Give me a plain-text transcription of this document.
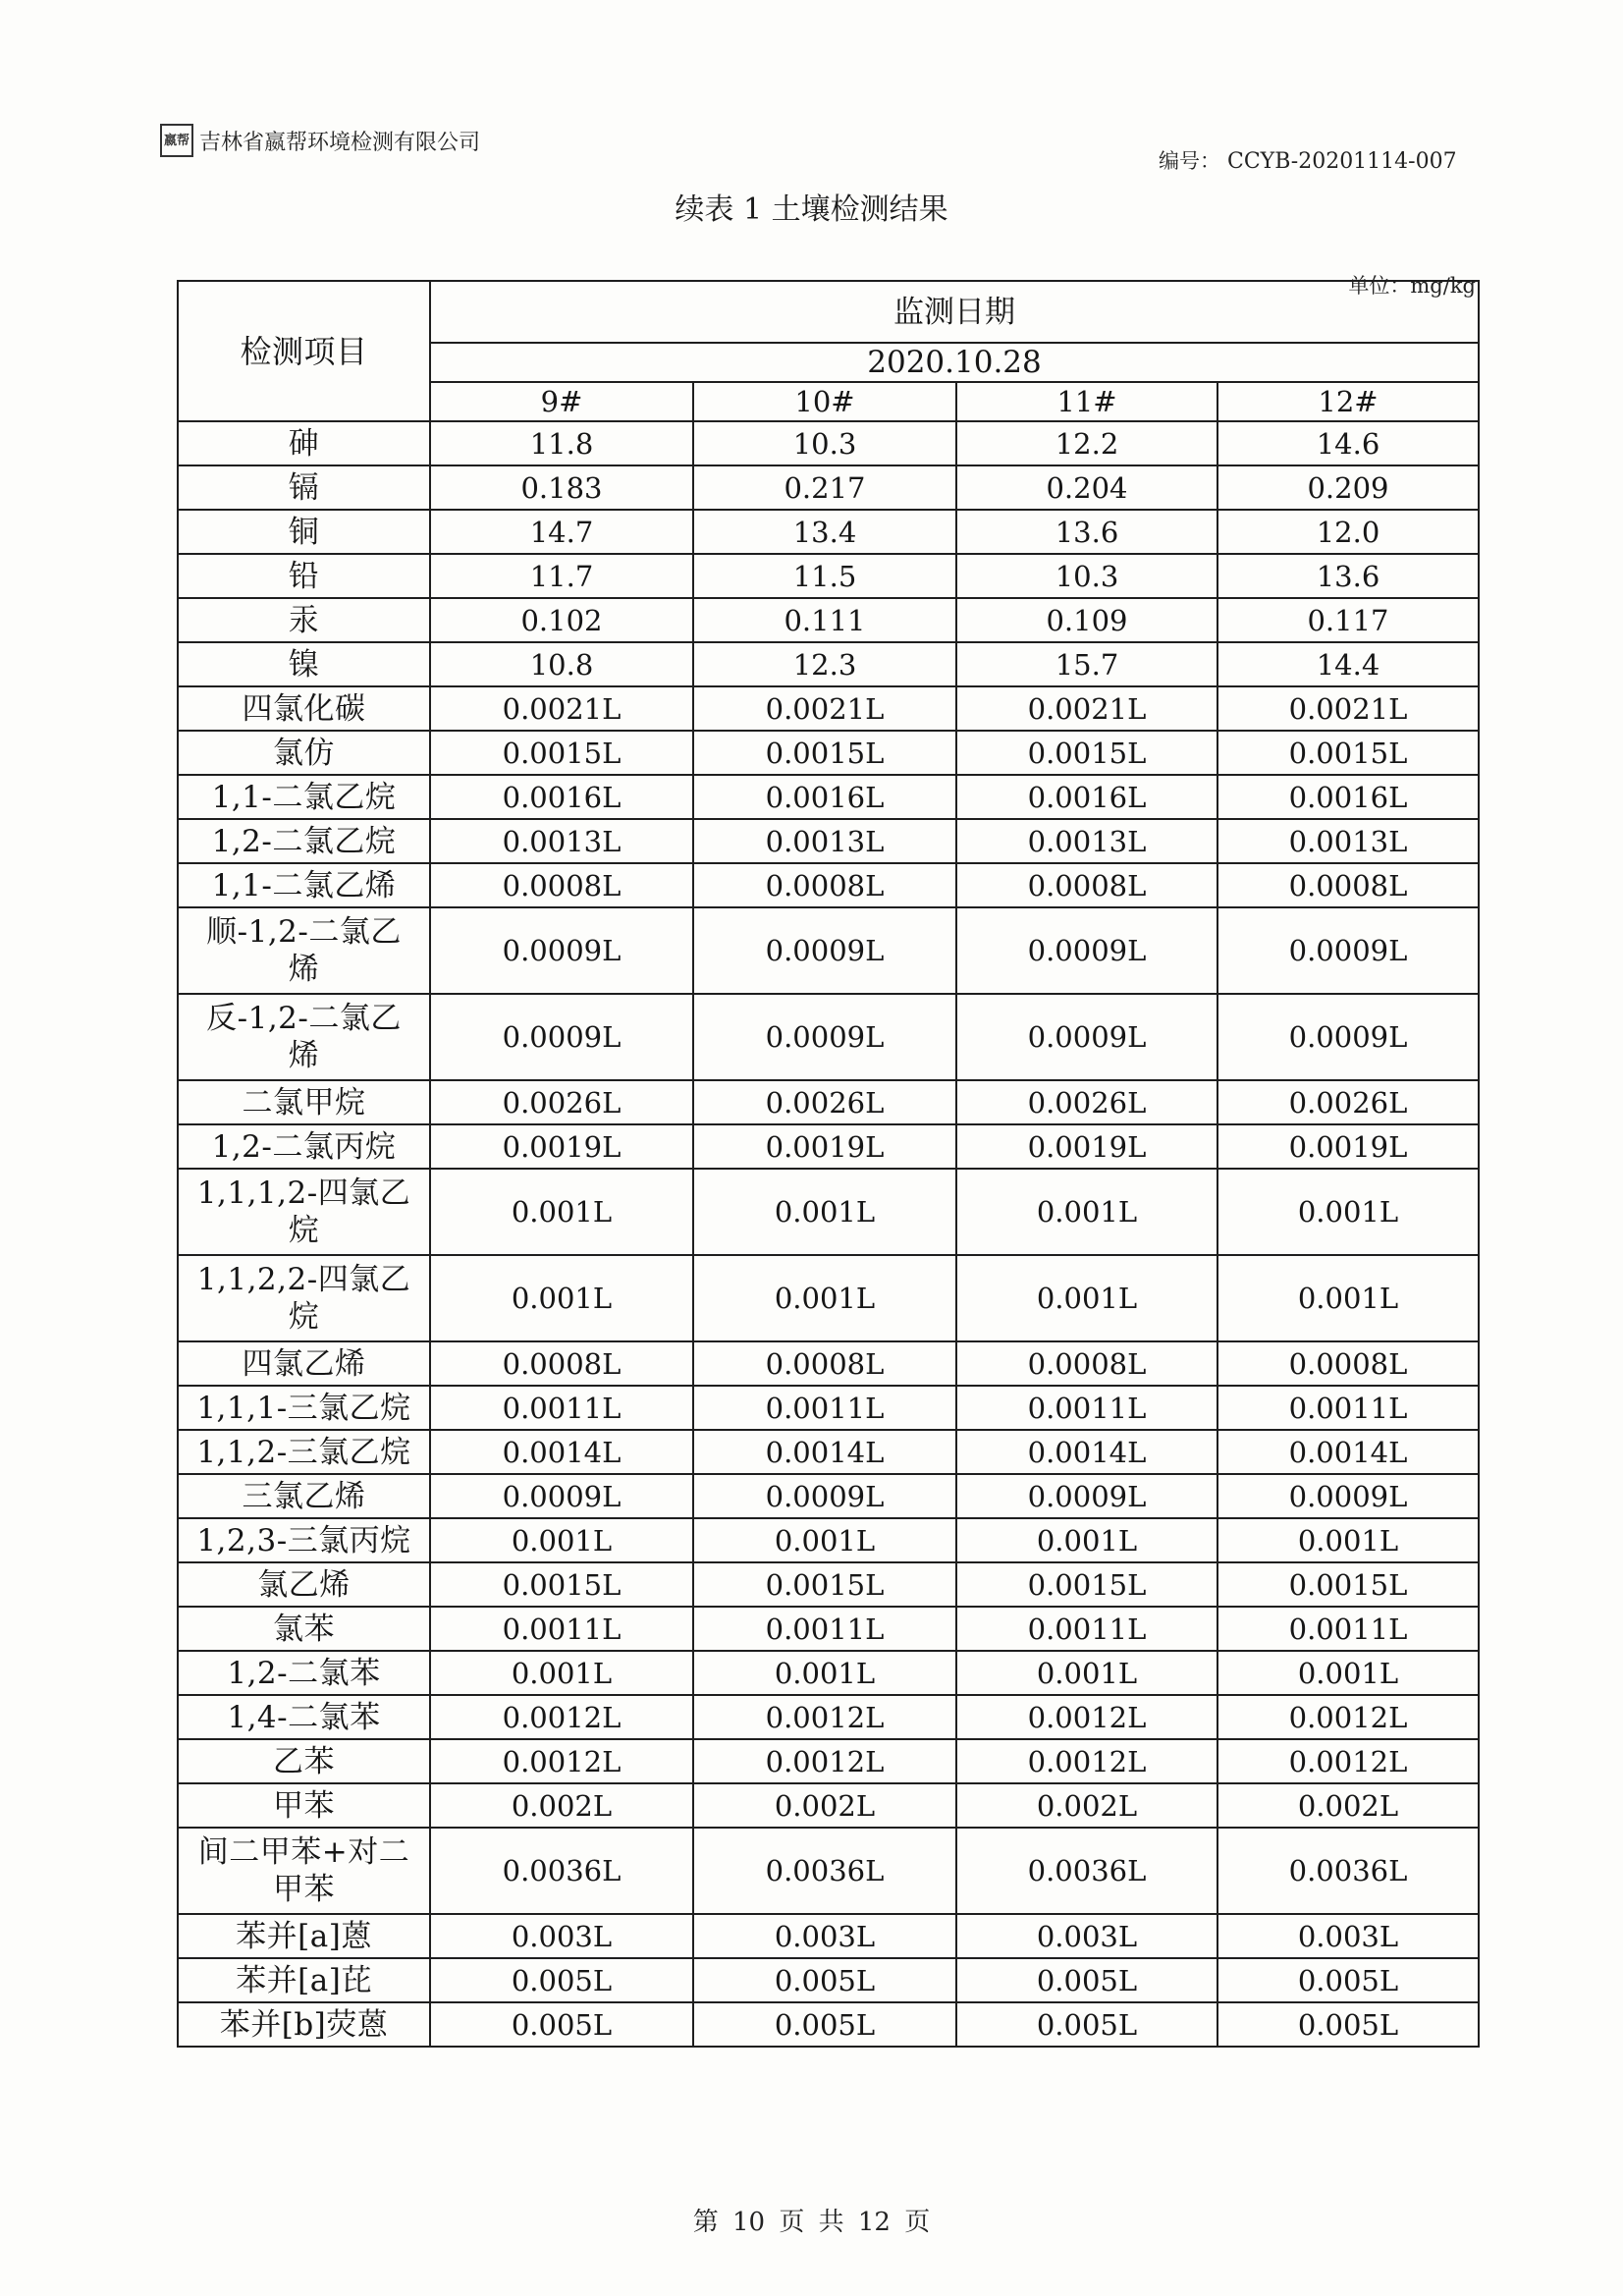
嬴帮 吉林省嬴帮环境检测有限公司
编号： CCYB-20201114-007
续表 1 土壤检测结果
单位：mg/kg
检测项目	监测日期			
	2020.10.28			
	9#	10#	11#	12#
砷	11.8	10.3	12.2	14.6
镉	0.183	0.217	0.204	0.209
铜	14.7	13.4	13.6	12.0
铅	11.7	11.5	10.3	13.6
汞	0.102	0.111	0.109	0.117
镍	10.8	12.3	15.7	14.4
四氯化碳	0.0021L	0.0021L	0.0021L	0.0021L
氯仿	0.0015L	0.0015L	0.0015L	0.0015L
1,1-二氯乙烷	0.0016L	0.0016L	0.0016L	0.0016L
1,2-二氯乙烷	0.0013L	0.0013L	0.0013L	0.0013L
1,1-二氯乙烯	0.0008L	0.0008L	0.0008L	0.0008L

顺-1,2-二氯乙
烯	0.0009L	0.0009L	0.0009L	0.0009L

反-1,2-二氯乙
烯	0.0009L	0.0009L	0.0009L	0.0009L
二氯甲烷	0.0026L	0.0026L	0.0026L	0.0026L
1,2-二氯丙烷	0.0019L	0.0019L	0.0019L	0.0019L

1,1,1,2-四氯乙
烷	0.001L	0.001L	0.001L	0.001L

1,1,2,2-四氯乙
烷	0.001L	0.001L	0.001L	0.001L
四氯乙烯	0.0008L	0.0008L	0.0008L	0.0008L
1,1,1-三氯乙烷	0.0011L	0.0011L	0.0011L	0.0011L
1,1,2-三氯乙烷	0.0014L	0.0014L	0.0014L	0.0014L
三氯乙烯	0.0009L	0.0009L	0.0009L	0.0009L
1,2,3-三氯丙烷	0.001L	0.001L	0.001L	0.001L
氯乙烯	0.0015L	0.0015L	0.0015L	0.0015L
氯苯	0.0011L	0.0011L	0.0011L	0.0011L
1,2-二氯苯	0.001L	0.001L	0.001L	0.001L
1,4-二氯苯	0.0012L	0.0012L	0.0012L	0.0012L
乙苯	0.0012L	0.0012L	0.0012L	0.0012L
甲苯	0.002L	0.002L	0.002L	0.002L

间二甲苯+对二
甲苯	0.0036L	0.0036L	0.0036L	0.0036L
苯并[a]蒽	0.003L	0.003L	0.003L	0.003L
苯并[a]芘	0.005L	0.005L	0.005L	0.005L
苯并[b]荧蒽	0.005L	0.005L	0.005L	0.005L
第 10 页 共 12 页
